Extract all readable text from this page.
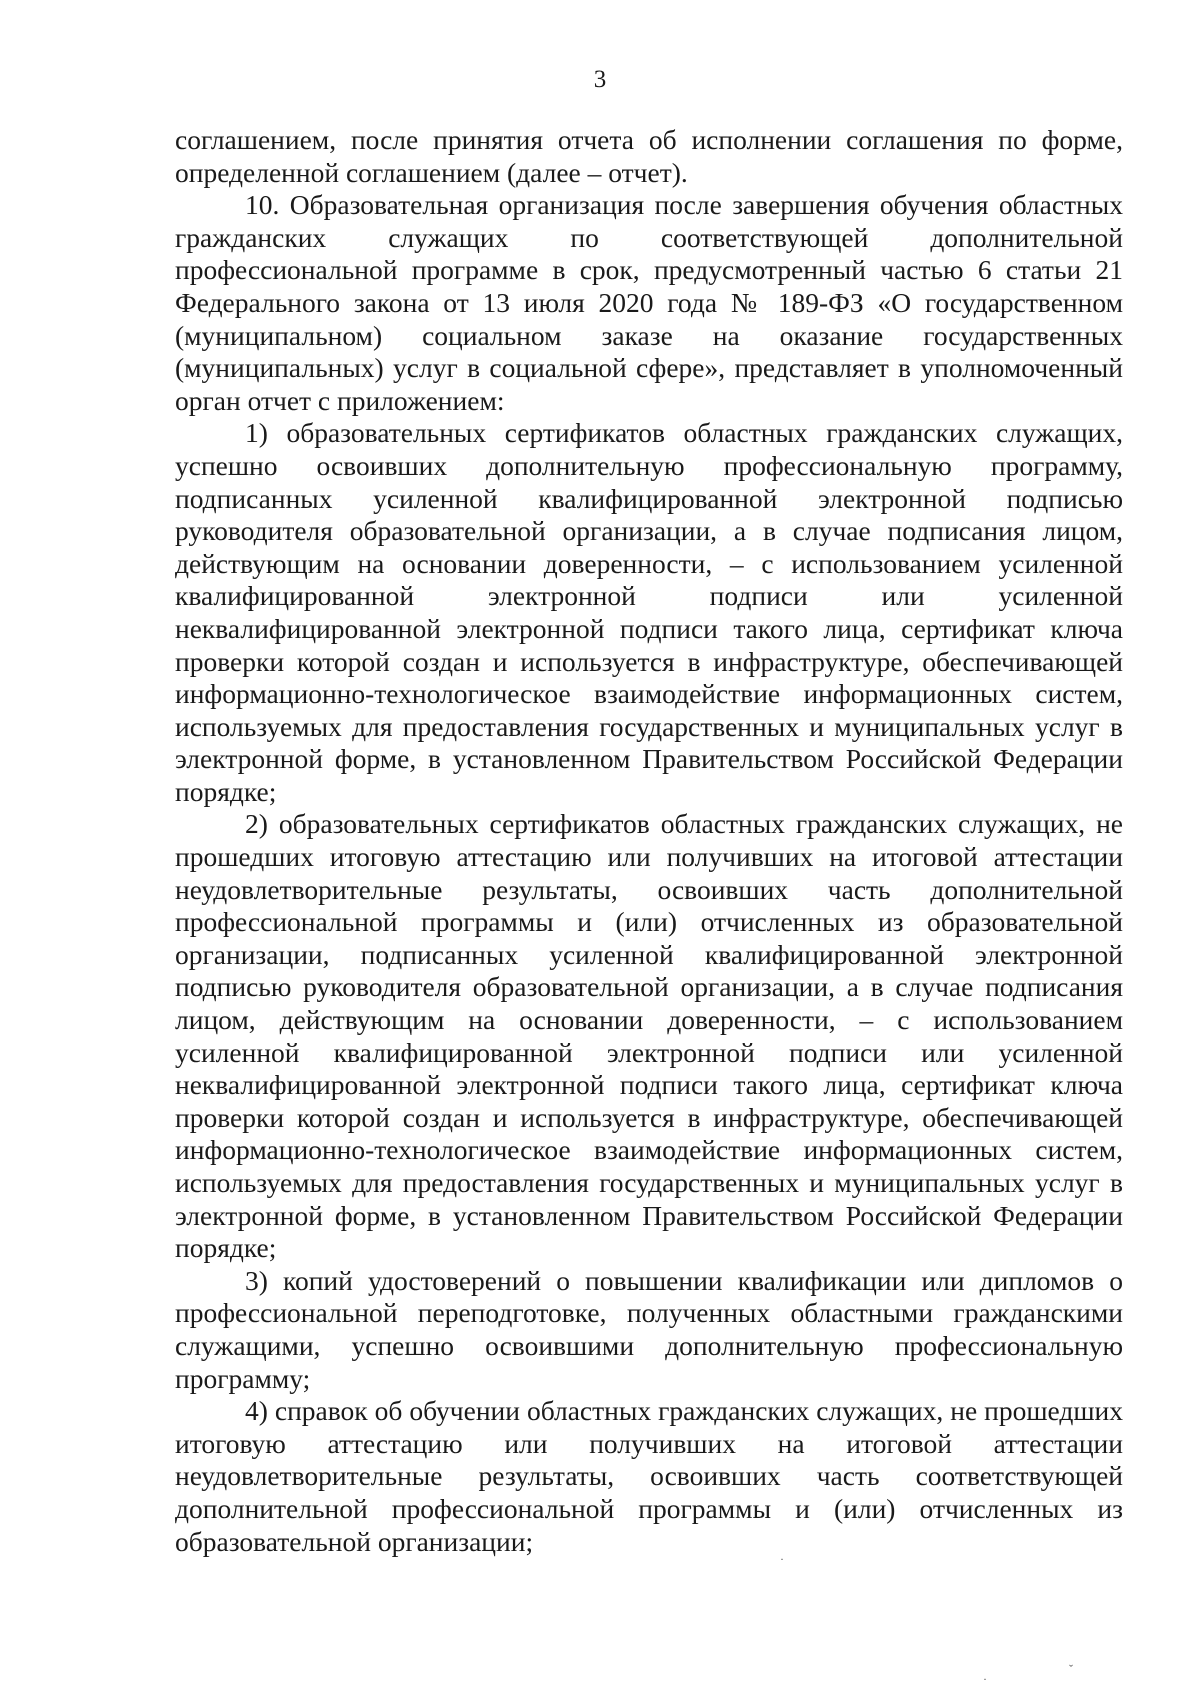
3

соглашением, после принятия отчета об исполнении соглашения по форме, определенной соглашением (далее – отчет).

10. Образовательная организация после завершения обучения областных гражданских служащих по соответствующей дополнительной профессиональной программе в срок, предусмотренный частью 6 статьи 21 Федерального закона от 13 июля 2020 года № 189-ФЗ «О государственном (муниципальном) социальном заказе на оказание государственных (муниципальных) услуг в социальной сфере», представляет в уполномоченный орган отчет с приложением:

1) образовательных сертификатов областных гражданских служащих, успешно освоивших дополнительную профессиональную программу, подписанных усиленной квалифицированной электронной подписью руководителя образовательной организации, а в случае подписания лицом, действующим на основании доверенности, – с использованием усиленной квалифицированной электронной подписи или усиленной неквалифицированной электронной подписи такого лица, сертификат ключа проверки которой создан и используется в инфраструктуре, обеспечивающей информационно-технологическое взаимодействие информационных систем, используемых для предоставления государственных и муниципальных услуг в электронной форме, в установленном Правительством Российской Федерации порядке;

2) образовательных сертификатов областных гражданских служащих, не прошедших итоговую аттестацию или получивших на итоговой аттестации неудовлетворительные результаты, освоивших часть дополнительной профессиональной программы и (или) отчисленных из образовательной организации, подписанных усиленной квалифицированной электронной подписью руководителя образовательной организации, а в случае подписания лицом, действующим на основании доверенности, – с использованием усиленной квалифицированной электронной подписи или усиленной неквалифицированной электронной подписи такого лица, сертификат ключа проверки которой создан и используется в инфраструктуре, обеспечивающей информационно-технологическое взаимодействие информационных систем, используемых для предоставления государственных и муниципальных услуг в электронной форме, в установленном Правительством Российской Федерации порядке;

3) копий удостоверений о повышении квалификации или дипломов о профессиональной переподготовке, полученных областными гражданскими служащими, успешно освоившими дополнительную профессиональную программу;

4) справок об обучении областных гражданских служащих, не прошедших итоговую аттестацию или получивших на итоговой аттестации неудовлетворительные результаты, освоивших часть соответствующей дополнительной профессиональной программы и (или) отчисленных из образовательной организации;

·
·
ˇ
